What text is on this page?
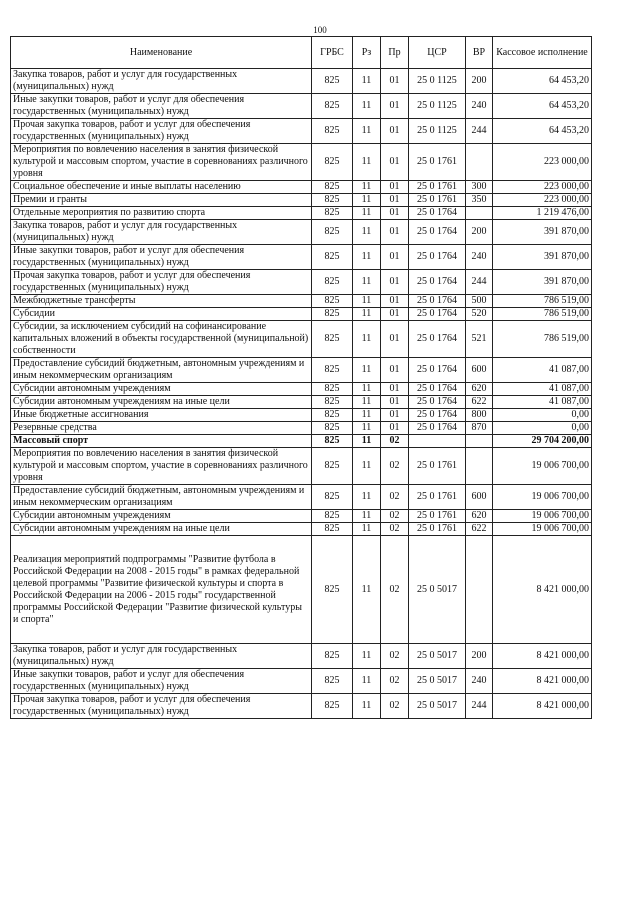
100
Наименование	ГРБС	Рз	Пр	ЦСР	ВР	Кассовое исполнение
Закупка товаров, работ и услуг для государственных (муниципальных) нужд	825	11	01	25 0 1125	200	64 453,20
Иные закупки товаров, работ и услуг для обеспечения государственных (муниципальных) нужд	825	11	01	25 0 1125	240	64 453,20
Прочая закупка товаров, работ и услуг для обеспечения государственных (муниципальных) нужд	825	11	01	25 0 1125	244	64 453,20
Мероприятия по вовлечению населения в занятия физической культурой и массовым спортом, участие в соревнованиях различного уровня	825	11	01	25 0 1761		223 000,00
Социальное обеспечение и иные выплаты населению	825	11	01	25 0 1761	300	223 000,00
Премии и гранты	825	11	01	25 0 1761	350	223 000,00
Отдельные мероприятия по развитию спорта	825	11	01	25 0 1764		1 219 476,00
Закупка товаров, работ и услуг для государственных (муниципальных) нужд	825	11	01	25 0 1764	200	391 870,00
Иные закупки товаров, работ и услуг для обеспечения государственных (муниципальных) нужд	825	11	01	25 0 1764	240	391 870,00
Прочая закупка товаров, работ и услуг для обеспечения государственных (муниципальных) нужд	825	11	01	25 0 1764	244	391 870,00
Межбюджетные трансферты	825	11	01	25 0 1764	500	786 519,00
Субсидии	825	11	01	25 0 1764	520	786 519,00
Субсидии, за исключением субсидий на софинансирование капитальных вложений в объекты государственной (муниципальной) собственности	825	11	01	25 0 1764	521	786 519,00
Предоставление субсидий бюджетным, автономным учреждениям и иным некоммерческим организациям	825	11	01	25 0 1764	600	41 087,00
Субсидии автономным учреждениям	825	11	01	25 0 1764	620	41 087,00
Субсидии автономным учреждениям на иные цели	825	11	01	25 0 1764	622	41 087,00
Иные бюджетные ассигнования	825	11	01	25 0 1764	800	0,00
Резервные средства	825	11	01	25 0 1764	870	0,00
Массовый спорт	825	11	02			29 704 200,00
Мероприятия по вовлечению населения в занятия физической культурой и массовым спортом, участие в соревнованиях различного уровня	825	11	02	25 0 1761		19 006 700,00
Предоставление субсидий бюджетным, автономным учреждениям и иным некоммерческим организациям	825	11	02	25 0 1761	600	19 006 700,00
Субсидии автономным учреждениям	825	11	02	25 0 1761	620	19 006 700,00
Субсидии автономным учреждениям на иные цели	825	11	02	25 0 1761	622	19 006 700,00
Реализация мероприятий подпрограммы "Развитие футбола в Российской Федерации на 2008 - 2015 годы" в рамках федеральной целевой программы "Развитие физической культуры и спорта в Российской Федерации на 2006 - 2015 годы" государственной программы Российской Федерации "Развитие физической культуры и спорта"	825	11	02	25 0 5017		8 421 000,00
Закупка товаров, работ и услуг для государственных (муниципальных) нужд	825	11	02	25 0 5017	200	8 421 000,00
Иные закупки товаров, работ и услуг для обеспечения государственных (муниципальных) нужд	825	11	02	25 0 5017	240	8 421 000,00
Прочая закупка товаров, работ и услуг для обеспечения государственных (муниципальных) нужд	825	11	02	25 0 5017	244	8 421 000,00
